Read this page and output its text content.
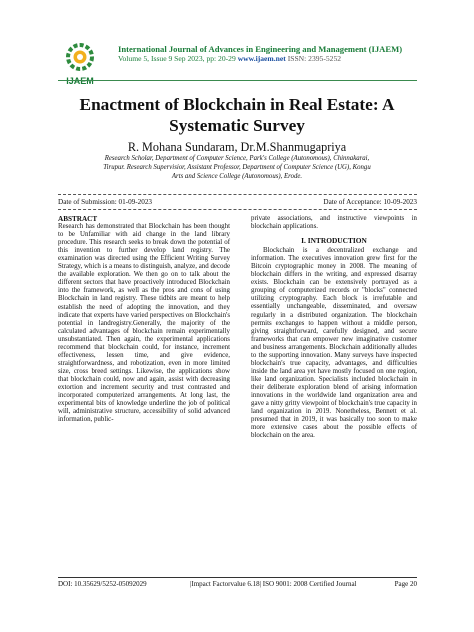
IJAEM
International Journal of Advances in Engineering and Management (IJAEM)
Volume 5, Issue 9 Sep 2023, pp: 20-29 www.ijaem.net ISSN: 2395-5252
Enactment of Blockchain in Real Estate: A Systematic Survey
R. Mohana Sundaram, Dr.M.Shanmugapriya
Research Scholar, Department of Computer Science, Park's College (Autonomous), Chinnakarai, Tirupur. Research Supervisior, Assistant Professor, Department of Computer Science (UG), Kongu Arts and Science College (Autonomous), Erode.
Date of Submission: 01-09-2023	Date of Acceptance: 10-09-2023
ABSTRACT

Research has demonstrated that Blockchain has been thought to be Unfamiliar with aid change in the land library procedure. This research seeks to break down the potential of this invention to further develop land registry. The examination was directed using the Efficient Writing Survey Strategy, which is a means to distinguish, analyze, and decode the available exploration. We then go on to talk about the different sectors that have proactively introduced Blockchain into the framework, as well as the pros and cons of using Blockchain in land registry. These tidbits are meant to help establish the need of adopting the innovation, and they indicate that experts have varied perspectives on Blockchain's potential in landregistry.Generally, the majority of the calculated advantages of blockchain remain experimentally unsubstantiated. Then again, the experimental applications recommend that blockchain could, for instance, increment effectiveness, lessen time, and give evidence, straightforwardness, and robotization, even in more limited size, cross breed settings. Likewise, the applications show that blockchain could, now and again, assist with decreasing extortion and increment security and trust contrasted and incorporated computerized arrangements. At long last, the experimental bits of knowledge underline the job of political will, administrative structure, accessibility of solid advanced information, public-

private associations, and instructive viewpoints in blockchain applications.

I. INTRODUCTION

Blockchain is a decentralized exchange and information. The executives innovation grew first for the Bitcoin cryptographic money in 2008. The meaning of blockchain differs in the writing, and expressed disarray exists. Blockchain can be extensively portrayed as a grouping of computerized records or "blocks" connected utilizing cryptography. Each block is irrefutable and essentially unchangeable, disseminated, and oversaw regularly in a distributed organization. The blockchain permits exchanges to happen without a middle person, giving straightforward, carefully designed, and secure frameworks that can empower new imaginative customer and business arrangements. Blockchain additionally alludes to the supporting innovation. Many surveys have inspected blockchain's true capacity, advantages, and difficulties inside the land area yet have mostly focused on one region, like land organization. Specialists included blockchain in their deliberate exploration blend of arising information innovations in the worldwide land organization area and gave a nitty gritty viewpoint of blockchain's true capacity in land organization in 2019. Nonetheless, Bennett et al. presumed that in 2019, it was basically too soon to make more extensive cases about the possible effects of blockchain on the area.

DOI: 10.35629/5252-05092029	|Impact Factorvalue 6.18| ISO 9001: 2008 Certified Journal	Page 20
